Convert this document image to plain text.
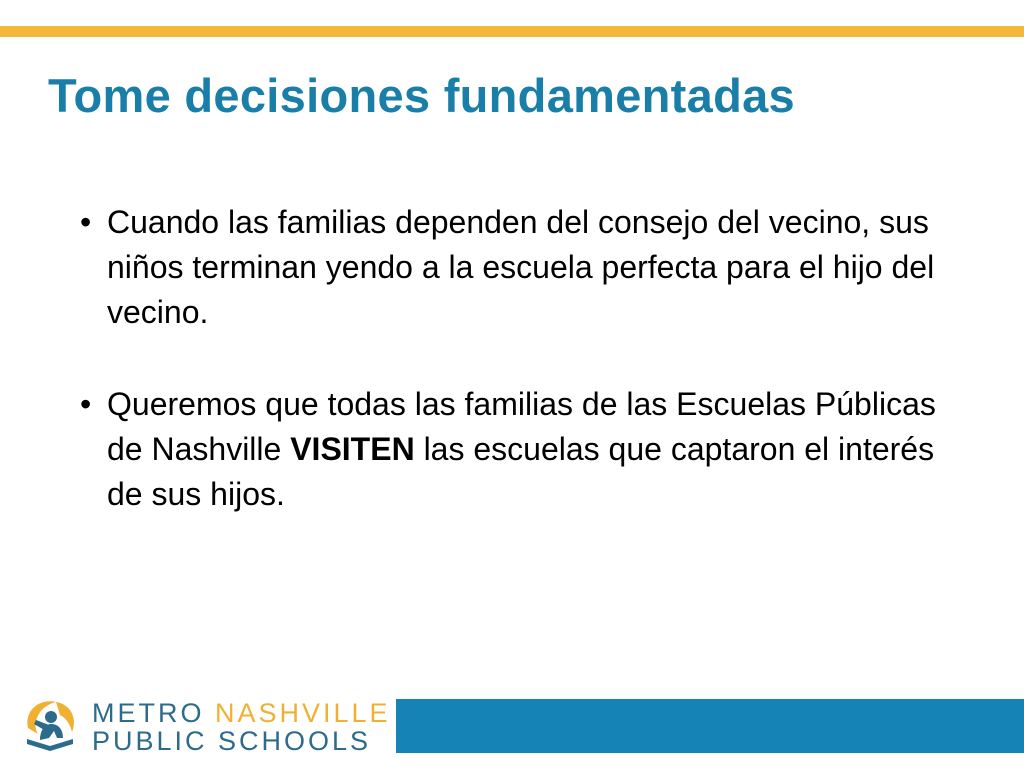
Tome decisiones fundamentadas
• Cuando las familias dependen del consejo del vecino, sus niños terminan yendo a la escuela perfecta para el hijo del vecino.
• Queremos que todas las familias de las Escuelas Públicas de Nashville VISITEN las escuelas que captaron el interés de sus hijos.
METRO NASHVILLE
PUBLIC SCHOOLS
